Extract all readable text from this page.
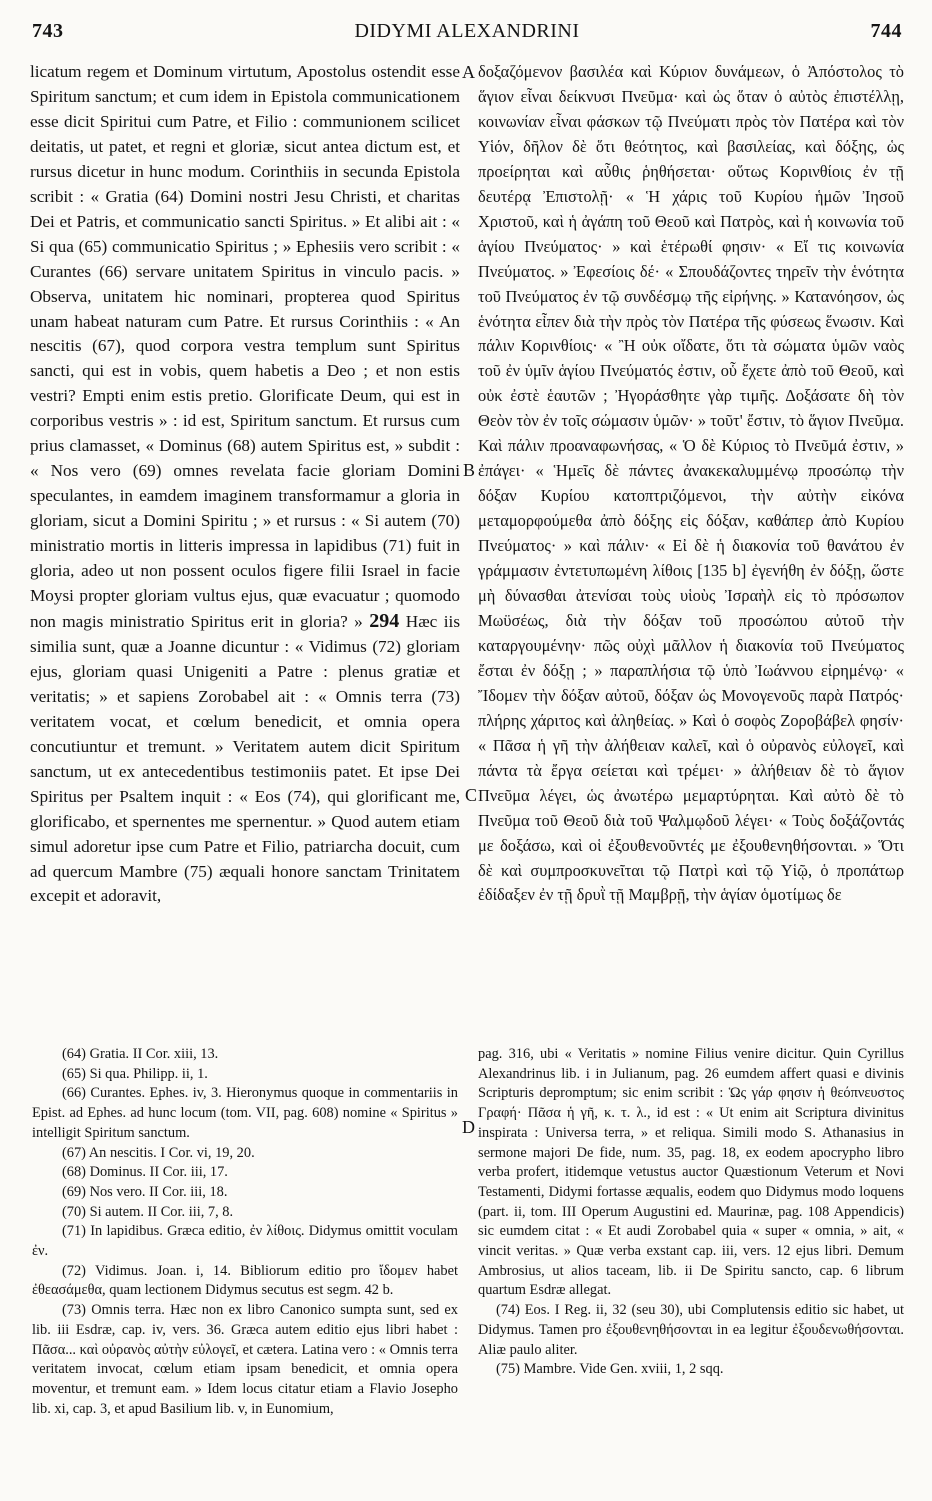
743	DIDYMI ALEXANDRINI	744

licatum regem et Dominum virtutum, Apostolus ostendit esse Spiritum sanctum; et cum idem in Epistola communicationem esse dicit Spiritui cum Patre, et Filio : communionem scilicet deitatis, ut patet, et regni et gloriæ, sicut antea dictum est, et rursus dicetur in hunc modum. Corinthiis in secunda Epistola scribit : « Gratia (64) Domini nostri Jesu Christi, et charitas Dei et Patris, et communicatio sancti Spiritus. » Et alibi ait : « Si qua (65) communicatio Spiritus ; » Ephesiis vero scribit : « Curantes (66) servare unitatem Spiritus in vinculo pacis. » Observa, unitatem hic nominari, propterea quod Spiritus unam habeat naturam cum Patre. Et rursus Corinthiis : « An nescitis (67), quod corpora vestra templum sunt Spiritus sancti, qui est in vobis, quem habetis a Deo ; et non estis vestri? Empti enim estis pretio. Glorificate Deum, qui est in corporibus vestris » : id est, Spiritum sanctum. Et rursus cum prius clamasset, « Dominus (68) autem Spiritus est, » subdit : « Nos vero (69) omnes revelata facie gloriam Domini speculantes, in eamdem imaginem transformamur a gloria in gloriam, sicut a Domini Spiritu ; » et rursus : « Si autem (70) ministratio mortis in litteris impressa in lapidibus (71) fuit in gloria, adeo ut non possent oculos figere filii Israel in facie Moysi propter gloriam vultus ejus, quæ evacuatur ; quomodo non magis ministratio Spiritus erit in gloria? » 294 Hæc iis similia sunt, quæ a Joanne dicuntur : « Vidimus (72) gloriam ejus, gloriam quasi Unigeniti a Patre : plenus gratiæ et veritatis; » et sapiens Zorobabel ait : « Omnis terra (73) veritatem vocat, et cœlum benedicit, et omnia opera concutiuntur et tremunt. » Veritatem autem dicit Spiritum sanctum, ut ex antecedentibus testimoniis patet. Et ipse Dei Spiritus per Psaltem inquit : « Eos (74), qui glorificant me, glorificabo, et spernentes me spernentur. » Quod autem etiam simul adoretur ipse cum Patre et Filio, patriarcha docuit, cum ad quercum Mambre (75) æquali honore sanctam Trinitatem excepit et adoravit,

A
B
C
D

δοξαζόμενον βασιλέα καὶ Κύριον δυνάμεων, ὁ Ἀπόστολος τὸ ἅγιον εἶναι δείκνυσι Πνεῦμα· καὶ ὡς ὅταν ὁ αὐτὸς ἐπιστέλλῃ, κοινωνίαν εἶναι φάσκων τῷ Πνεύματι πρὸς τὸν Πατέρα καὶ τὸν Υἱόν, δῆλον δὲ ὅτι θεότητος, καὶ βασιλείας, καὶ δόξης, ὡς προείρηται καὶ αὖθις ῥηθήσεται· οὕτως Κορινθίοις ἐν τῇ δευτέρᾳ Ἐπιστολῇ· « Ἡ χάρις τοῦ Κυρίου ἡμῶν Ἰησοῦ Χριστοῦ, καὶ ἡ ἀγάπη τοῦ Θεοῦ καὶ Πατρὸς, καὶ ἡ κοινωνία τοῦ ἁγίου Πνεύματος· » καὶ ἑτέρωθί φησιν· « Εἴ τις κοινωνία Πνεύματος. » Ἐφεσίοις δέ· « Σπουδάζοντες τηρεῖν τὴν ἑνότητα τοῦ Πνεύματος ἐν τῷ συνδέσμῳ τῆς εἰρήνης. » Κατανόησον, ὡς ἑνότητα εἶπεν διὰ τὴν πρὸς τὸν Πατέρα τῆς φύσεως ἕνωσιν. Καὶ πάλιν Κορινθίοις· « Ἢ οὐκ οἴδατε, ὅτι τὰ σώματα ὑμῶν ναὸς τοῦ ἐν ὑμῖν ἁγίου Πνεύματός ἐστιν, οὗ ἔχετε ἀπὸ τοῦ Θεοῦ, καὶ οὐκ ἐστὲ ἑαυτῶν ; Ἠγοράσθητε γὰρ τιμῆς. Δοξάσατε δὴ τὸν Θεὸν τὸν ἐν τοῖς σώμασιν ὑμῶν· » τοῦτ' ἔστιν, τὸ ἅγιον Πνεῦμα. Καὶ πάλιν προαναφωνήσας, « Ὁ δὲ Κύριος τὸ Πνεῦμά ἐστιν, » ἐπάγει· « Ἡμεῖς δὲ πάντες ἀνακεκαλυμμένῳ προσώπῳ τὴν δόξαν Κυρίου κατοπτριζόμενοι, τὴν αὐτὴν εἰκόνα μεταμορφούμεθα ἀπὸ δόξης εἰς δόξαν, καθάπερ ἀπὸ Κυρίου Πνεύματος· » καὶ πάλιν· « Εἰ δὲ ἡ διακονία τοῦ θανάτου ἐν γράμμασιν ἐντετυπωμένη λίθοις [135 b] ἐγενήθη ἐν δόξῃ, ὥστε μὴ δύνασθαι ἀτενίσαι τοὺς υἱοὺς Ἰσραὴλ εἰς τὸ πρόσωπον Μωϋσέως, διὰ τὴν δόξαν τοῦ προσώπου αὐτοῦ τὴν καταργουμένην· πῶς οὐχὶ μᾶλλον ἡ διακονία τοῦ Πνεύματος ἔσται ἐν δόξῃ ; » παραπλήσια τῷ ὑπὸ Ἰωάννου εἰρημένῳ· « Ἴδομεν τὴν δόξαν αὐτοῦ, δόξαν ὡς Μονογενοῦς παρὰ Πατρός· πλήρης χάριτος καὶ ἀληθείας. » Καὶ ὁ σοφὸς Ζοροβάβελ φησίν· « Πᾶσα ἡ γῆ τὴν ἀλήθειαν καλεῖ, καὶ ὁ οὐρανὸς εὐλογεῖ, καὶ πάντα τὰ ἔργα σείεται καὶ τρέμει· » ἀλήθειαν δὲ τὸ ἅγιον Πνεῦμα λέγει, ὡς ἀνωτέρω μεμαρτύρηται. Καὶ αὐτὸ δὲ τὸ Πνεῦμα τοῦ Θεοῦ διὰ τοῦ Ψαλμῳδοῦ λέγει· « Τοὺς δοξάζοντάς με δοξάσω, καὶ οἱ ἐξουθενοῦντές με ἐξουθενηθήσονται. » Ὅτι δὲ καὶ συμπροσκυνεῖται τῷ Πατρὶ καὶ τῷ Υἱῷ, ὁ προπάτωρ ἐδίδαξεν ἐν τῇ δρυῒ τῇ Μαμβρῇ, τὴν ἁγίαν ὁμοτίμως δε

(64) Gratia. II Cor. xiii, 13.

(65) Si qua. Philipp. ii, 1.

(66) Curantes. Ephes. iv, 3. Hieronymus quoque in commentariis in Epist. ad Ephes. ad hunc locum (tom. VII, pag. 608) nomine « Spiritus » intelligit Spiritum sanctum.

(67) An nescitis. I Cor. vi, 19, 20.

(68) Dominus. II Cor. iii, 17.

(69) Nos vero. II Cor. iii, 18.

(70) Si autem. II Cor. iii, 7, 8.

(71) In lapidibus. Græca editio, ἐν λίθοις. Didymus omittit voculam ἐν.

(72) Vidimus. Joan. i, 14. Bibliorum editio pro ἴδομεν habet ἐθεασάμεθα, quam lectionem Didymus secutus est segm. 42 b.

(73) Omnis terra. Hæc non ex libro Canonico sumpta sunt, sed ex lib. iii Esdræ, cap. iv, vers. 36. Græca autem editio ejus libri habet : Πᾶσα... καὶ οὐρανὸς αὐτὴν εὐλογεῖ, et cætera. Latina vero : « Omnis terra veritatem invocat, cœlum etiam ipsam benedicit, et omnia opera moventur, et tremunt eam. » Idem locus citatur etiam a Flavio Josepho lib. xi, cap. 3, et apud Basilium lib. v, in Eunomium,

pag. 316, ubi « Veritatis » nomine Filius venire dicitur. Quin Cyrillus Alexandrinus lib. i in Julianum, pag. 26 eumdem affert quasi e divinis Scripturis depromptum; sic enim scribit : Ὡς γάρ φησιν ἡ θεόπνευστος Γραφή· Πᾶσα ἡ γῆ, κ. τ. λ., id est : « Ut enim ait Scriptura divinitus inspirata : Universa terra, » et reliqua. Simili modo S. Athanasius in sermone majori De fide, num. 35, pag. 18, ex eodem apocrypho libro verba profert, itidemque vetustus auctor Quæstionum Veterum et Novi Testamenti, Didymi fortasse æqualis, eodem quo Didymus modo loquens (part. ii, tom. III Operum Augustini ed. Maurinæ, pag. 108 Appendicis) sic eumdem citat : « Et audi Zorobabel quia « super « omnia, » ait, « vincit veritas. » Quæ verba exstant cap. iii, vers. 12 ejus libri. Demum Ambrosius, ut alios taceam, lib. ii De Spiritu sancto, cap. 6 librum quartum Esdræ allegat.

(74) Eos. I Reg. ii, 32 (seu 30), ubi Complutensis editio sic habet, ut Didymus. Tamen pro ἐξουθενηθήσονται in ea legitur ἐξουδενωθήσονται. Aliæ paulo aliter.

(75) Mambre. Vide Gen. xviii, 1, 2 sqq.
